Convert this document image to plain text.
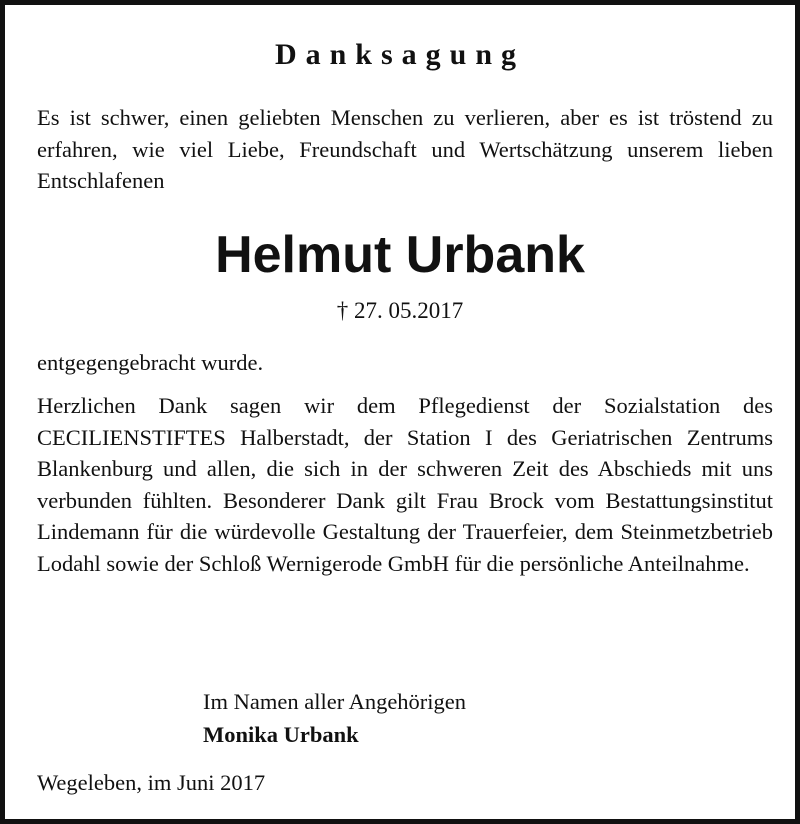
Danksagung

Es ist schwer, einen geliebten Menschen zu verlieren, aber es ist tröstend zu erfahren, wie viel Liebe, Freundschaft und Wertschätzung unserem lieben Entschlafenen

Helmut Urbank
† 27. 05.2017

entgegengebracht wurde.

Herzlichen Dank sagen wir dem Pflegedienst der Sozialstation des CECILIENSTIFTES Halberstadt, der Station I des Geriatrischen Zentrums Blankenburg und allen, die sich in der schweren Zeit des Abschieds mit uns verbunden fühlten. Besonderer Dank gilt Frau Brock vom Bestattungsinstitut Lindemann für die würdevolle Gestaltung der Trauerfeier, dem Steinmetzbetrieb Lodahl sowie der Schloß Wernigerode GmbH für die persönliche Anteilnahme.

Im Namen aller Angehörigen
Monika Urbank
Wegeleben, im Juni 2017
